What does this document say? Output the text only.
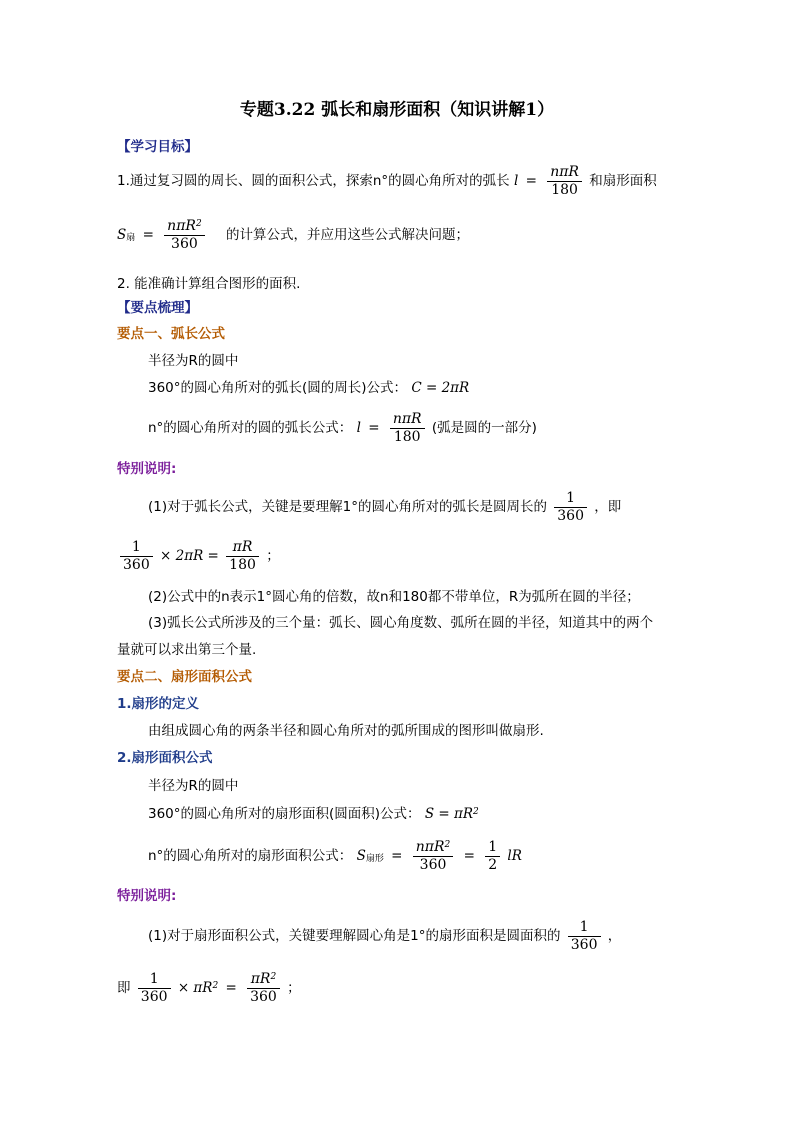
专题3.22 弧长和扇形面积（知识讲解1）
【学习目标】
1.通过复习圆的周长、圆的面积公式，探索n°的圆心角所对的弧长 $l = \frac{\text{nπR}}{180}$ 和扇形面积
$S_扇 = \frac{n\pi R^2}{360}$ 的计算公式，并应用这些公式解决问题；
2. 能准确计算组合图形的面积.
【要点梳理】
要点一、弧长公式
半径为R的圆中
360°的圆心角所对的弧长(圆的周长)公式： C = 2πR
n°的圆心角所对的圆的弧长公式： $l = \frac{\text{nπR}}{180}$ (弧是圆的一部分)
特别说明:
(1)对于弧长公式，关键是要理解1°的圆心角所对的弧长是圆周长的 $\frac{1}{360}$ ，即
$\frac{1}{360} \times 2\pi R = \frac{\pi R}{180}$ ；
(2)公式中的n表示1°圆心角的倍数，故n和180都不带单位，R为弧所在圆的半径；
(3)弧长公式所涉及的三个量：弧长、圆心角度数、弧所在圆的半径，知道其中的两个
量就可以求出第三个量.
要点二、扇形面积公式
1.扇形的定义
由组成圆心角的两条半径和圆心角所对的弧所围成的图形叫做扇形.
2.扇形面积公式
半径为R的圆中
360°的圆心角所对的扇形面积(圆面积)公式： $S = \pi R^2$
n°的圆心角所对的扇形面积公式： $S_{扇形} = \frac{n\pi R^2}{360} = \frac{1}{2}$ lR
特别说明:
(1)对于扇形面积公式，关键要理解圆心角是1°的扇形面积是圆面积的 $\frac{1}{360}$ ，
即 $\frac{1}{360} \times \pi R^2 = \frac{\pi R^2}{360}$ ；
